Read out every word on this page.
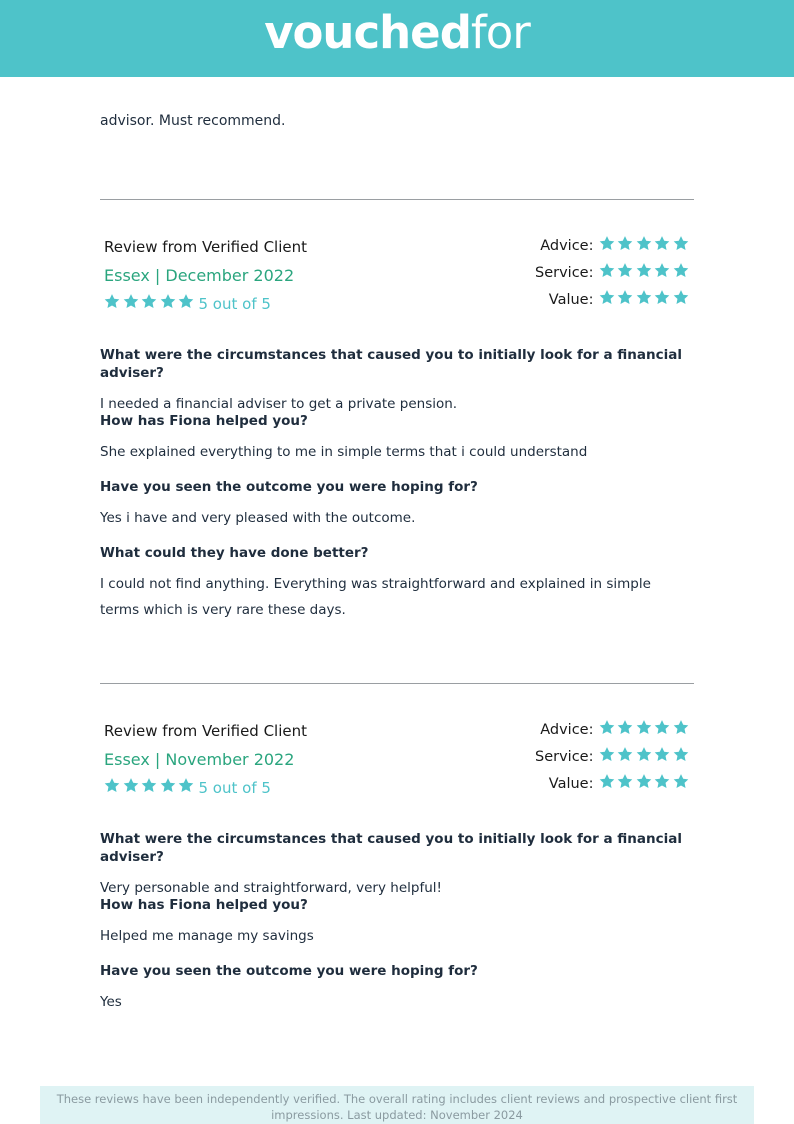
vouchedfor
advisor. Must recommend.
Review from Verified Client
Essex | December 2022
5 out of 5
Advice:
Service:
Value:

What were the circumstances that caused you to initially look for a financial adviser?

I needed a financial adviser to get a private pension.

How has Fiona helped you?

She explained everything to me in simple terms that i could understand

Have you seen the outcome you were hoping for?

Yes i have and very pleased with the outcome.

What could they have done better?

I could not find anything. Everything was straightforward and explained in simple terms which is very rare these days.

Review from Verified Client
Essex | November 2022
5 out of 5
Advice:
Service:
Value:

What were the circumstances that caused you to initially look for a financial adviser?

Very personable and straightforward, very helpful!

How has Fiona helped you?

Helped me manage my savings

Have you seen the outcome you were hoping for?

Yes

These reviews have been independently verified. The overall rating includes client reviews and prospective client first impressions. Last updated: November 2024
